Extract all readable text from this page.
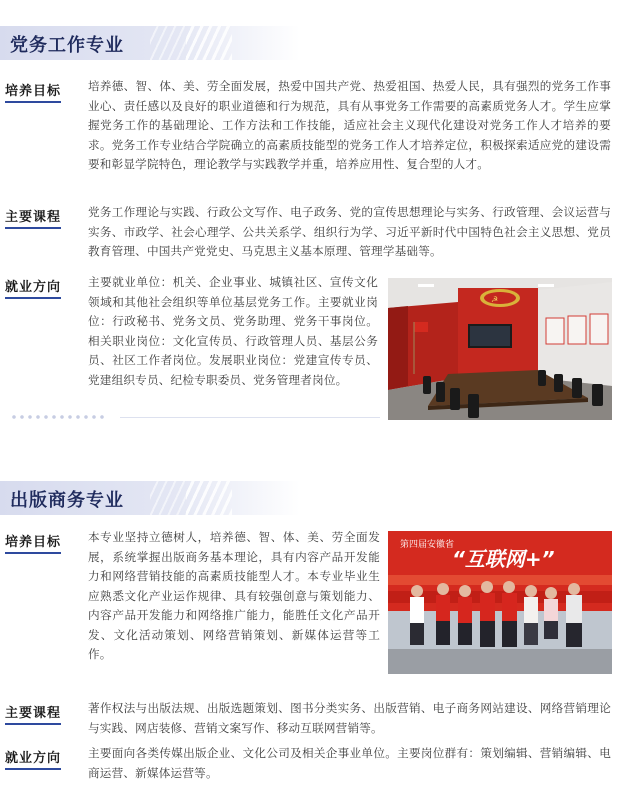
党务工作专业
培养目标 培养德、智、体、美、劳全面发展，热爱中国共产党、热爱祖国、热爱人民，具有强烈的党务工作事业心、责任感以及良好的职业道德和行为规范，具有从事党务工作需要的高素质党务人才。学生应掌握党务工作的基础理论、工作方法和工作技能，适应社会主义现代化建设对党务工作人才培养的要求。党务工作专业结合学院确立的高素质技能型的党务工作人才培养定位，积极探索适应党的建设需要和彰显学院特色，理论教学与实践教学并重，培养应用性、复合型的人才。
主要课程 党务工作理论与实践、行政公文写作、电子政务、党的宣传思想理论与实务、行政管理、会议运营与实务、市政学、社会心理学、公共关系学、组织行为学、习近平新时代中国特色社会主义思想、党员教育管理、中国共产党党史、马克思主义基本原理、管理学基础等。
就业方向 主要就业单位：机关、企业事业、城镇社区、宣传文化领域和其他社会组织等单位基层党务工作。主要就业岗位：行政秘书、党务文员、党务助理、党务干事岗位。相关职业岗位：文化宣传员、行政管理人员、基层公务员、社区工作者岗位。发展职业岗位：党建宣传专员、党建组织专员、纪检专职委员、党务管理者岗位。
☭
出版商务专业
培养目标 本专业坚持立德树人，培养德、智、体、美、劳全面发展，系统掌握出版商务基本理论，具有内容产品开发能力和网络营销技能的高素质技能型人才。本专业毕业生应熟悉文化产业运作规律、具有较强创意与策划能力、内容产品开发能力和网络推广能力，能胜任文化产品开发、文化活动策划、网络营销策划、新媒体运营等工作。
第四届安徽省
“互联网+”
主要课程 著作权法与出版法规、出版选题策划、图书分类实务、出版营销、电子商务网站建设、网络营销理论与实践、网店装修、营销文案写作、移动互联网营销等。
就业方向 主要面向各类传媒出版企业、文化公司及相关企事业单位。主要岗位群有：策划编辑、营销编辑、电商运营、新媒体运营等。
